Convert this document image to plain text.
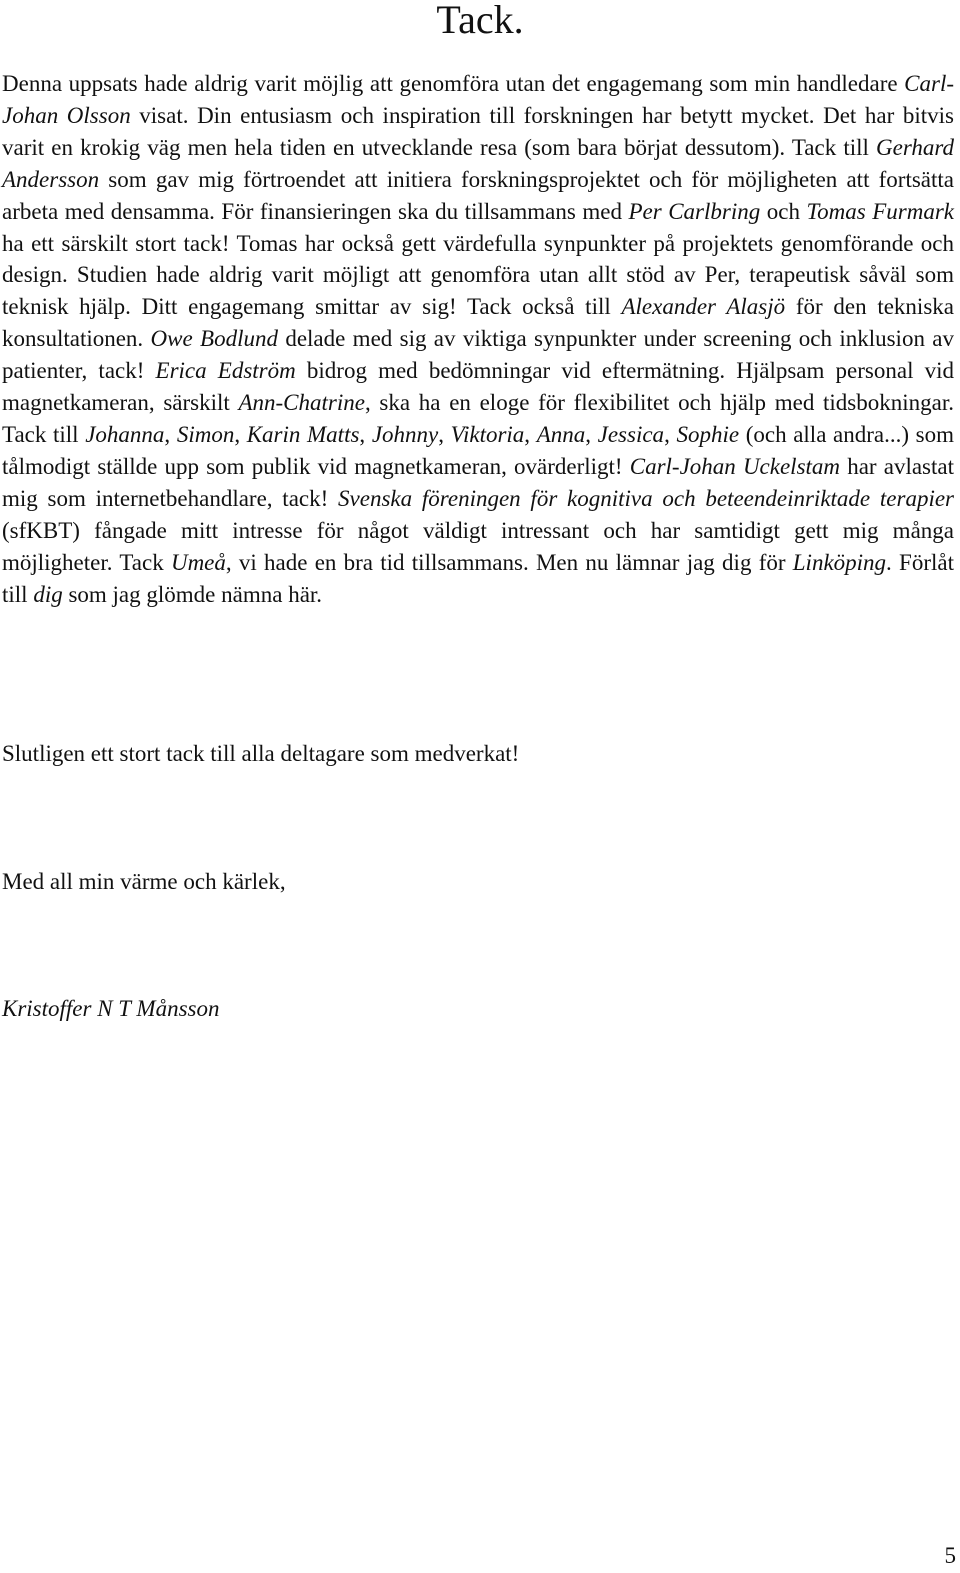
Tack.

Denna uppsats hade aldrig varit möjlig att genomföra utan det engagemang som min handledare Carl-Johan Olsson visat. Din entusiasm och inspiration till forskningen har betytt mycket. Det har bitvis varit en krokig väg men hela tiden en utvecklande resa (som bara börjat dessutom). Tack till Gerhard Andersson som gav mig förtroendet att initiera forskningsprojektet och för möjligheten att fortsätta arbeta med densamma. För finansieringen ska du tillsammans med Per Carlbring och Tomas Furmark ha ett särskilt stort tack! Tomas har också gett värdefulla synpunkter på projektets genomförande och design. Studien hade aldrig varit möjligt att genomföra utan allt stöd av Per, terapeutisk såväl som teknisk hjälp. Ditt engagemang smittar av sig! Tack också till Alexander Alasjö för den tekniska konsultationen. Owe Bodlund delade med sig av viktiga synpunkter under screening och inklusion av patienter, tack! Erica Edström bidrog med bedömningar vid eftermätning. Hjälpsam personal vid magnetkameran, särskilt Ann-Chatrine, ska ha en eloge för flexibilitet och hjälp med tidsbokningar. Tack till Johanna, Simon, Karin Matts, Johnny, Viktoria, Anna, Jessica, Sophie (och alla andra...) som tålmodigt ställde upp som publik vid magnetkameran, ovärderligt! Carl-Johan Uckelstam har avlastat mig som internetbehandlare, tack! Svenska föreningen för kognitiva och beteendeinriktade terapier (sfKBT) fångade mitt intresse för något väldigt intressant och har samtidigt gett mig många möjligheter. Tack Umeå, vi hade en bra tid tillsammans. Men nu lämnar jag dig för Linköping. Förlåt till dig som jag glömde nämna här.

Slutligen ett stort tack till alla deltagare som medverkat!

Med all min värme och kärlek,

Kristoffer N T Månsson

5
